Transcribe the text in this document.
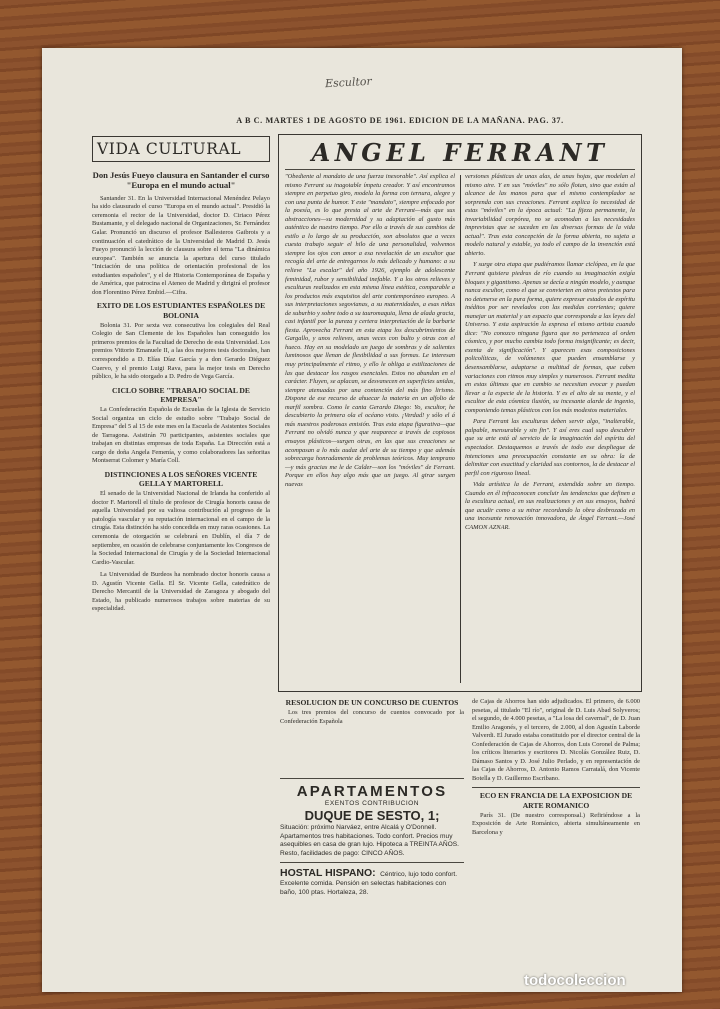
Escultor
A B C. MARTES 1 DE AGOSTO DE 1961. EDICION DE LA MAÑANA. PAG. 37.
VIDA CULTURAL

Don Jesús Fueyo clausura en Santander el curso "Europa en el mundo actual"

Santander 31. En la Universidad Internacional Menéndez Pelayo ha sido clausurado el curso "Europa en el mundo actual". Presidió la ceremonia el rector de la Universidad, doctor D. Ciriaco Pérez Bustamante, y el delegado nacional de Organizaciones, Sr. Fernández Galar. Pronunció un discurso el profesor Ballesteros Gaibrois y a continuación el catedrático de la Universidad de Madrid D. Jesús Fueyo pronunció la lección de clausura sobre el tema "La dinámica europea". También se anuncia la apertura del curso titulado "Iniciación de una política de orientación profesional de los estudiantes españoles", y el de Historia Contemporánea de España y de América, que patrocina el Ateneo de Madrid y dirigirá el profesor don Florentino Pérez Embid.—Cifra.

EXITO DE LOS ESTUDIANTES ESPAÑOLES DE BOLONIA

Bolonia 31. Por sexta vez consecutiva los colegiales del Real Colegio de San Clemente de los Españoles han conseguido los primeros premios de la Facultad de Derecho de esta Universidad. Los premios Vittorio Emanuele II, a las dos mejores tesis doctorales, han correspondido a D. Elías Díaz García y a don Gerardo Diéguez Cuervo, y el premio Luigi Rava, para la mejor tesis en Derecho público, le ha sido otorgado a D. Pedro de Vega García.

CICLO SOBRE "TRABAJO SOCIAL DE EMPRESA"

La Confederación Española de Escuelas de la Iglesia de Servicio Social organiza un ciclo de estudio sobre "Trabajo Social de Empresa" del 5 al 15 de este mes en la Escuela de Asistentes Sociales de Tarragona. Asistirán 70 participantes, asistentes sociales que trabajan en distintas empresas de toda España. La Dirección está a cargo de doña Angela Femenía, y como colaboradores las señoritas Montserrat Colomer y María Coll.

DISTINCIONES A LOS SEÑORES VICENTE GELLA Y MARTORELL

El senado de la Universidad Nacional de Irlanda ha conferido al doctor F. Martorell el título de profesor de Cirugía honoris causa de aquella Universidad por su valiosa contribución al progreso de la patología vascular y su reputación internacional en el campo de la cirugía. Esta distinción ha sido concedida en muy raras ocasiones. La ceremonia de otorgación se celebrará en Dublín, el día 7 de septiembre, en ocasión de celebrarse conjuntamente los Congresos de la Sociedad Internacional de Cirugía y de la Sociedad Internacional Cardio-Vascular.

La Universidad de Burdeos ha nombrado doctor honoris causa a D. Agustín Vicente Gella. El Sr. Vicente Gella, catedrático de Derecho Mercantil de la Universidad de Zaragoza y abogado del Estado, ha publicado numerosos trabajos sobre materias de su especialidad.

ANGEL FERRANT

"Obediente al mandato de una fuerza inexorable". Así explica el mismo Ferrant su inagotable ímpetu creador. Y así encontramos siempre en perpetuo giro, modela la forma con ternura, alegre y con una punta de humor. Y este "mandato", siempre enfocado por la poesía, es lo que presta al arte de Ferrant—más que sus abstracciones—su modernidad y su adaptación al gusto más auténtico de nuestro tiempo. Por ello a través de sus cambios de estilo a lo largo de su producción, son absolutos que a veces cuesta trabajo seguir el hilo de una personalidad, volvemos siempre los ojos con amor a esa revelación de un escultor que recogía del arte de entregarnos lo más delicado y humano: a su relieve "La escalar" del año 1926, ejemplo de adolescente feminidad, rubor y sensibilidad inefable. Y a los otros relieves y esculturas realizados en esta misma línea estética, comparable a los productos más exquisitos del arte contemporáneo europeo. A sus interpretaciones segovianas, a su maternidades, a esas niñas de suburbio y sobre todo a su tauromaquia, llena de alada gracia, casi infantil por la pureza y certera interpretación de la barbarie fiesta. Aprovecha Ferrant en esta etapa los descubrimientos de Gargallo, y unos relieves, unas veces con bulto y otras con el hueco. Hay en su modelado un juego de sombras y de salientes luminosos que llenan de flexibilidad a sus formas. Le interesan muy principalmente el ritmo, y ello le obliga a estilizaciones de las que destacar los rasgos esenciales. Estos no abundan en el carácter. Fluyen, se aplacan, se desvanecen en superficies unidas, siempre atenuadas por una contención del más fino lirismo. Dispone de ese recurso de ahuecar la materia en un alfolio de marfil sombra. Como le canta Gerardo Diego: Yo, escultor, he descubierto la primera ola el océano visto. ¡Verdad! y sólo el á más nuestros poderosas emisión. Tras esta etapa figurativa—que Ferrant no olvidó nunca y que reaparece a través de copiosos ensayos plásticos—surgen otras, en las que sus creaciones se acompasan a lo más audaz del arte de su tiempo y que además sobrecarga honradamente de problemas teóricos. Muy temprano—y más gracias me le de Calder—son los "móviles" de Ferrant. Porque en ellos hay algo más que un juego. Al girar surgen nuevas

versiones plásticas de unas alas, de unas hojas, que modelan el mismo aire. Y en sus "móviles" no sólo flotan, sino que están al alcance de las manos para que el mismo contemplador se sorprenda con sus creaciones. Ferrant explica lo necesidad de estas "móviles" en la época actual: "La fijeza permanente, la invariabilidad corpórea, no se acomodan a las necesidades imprevistas que se suceden en las diversas formas de la vida actual". Tras esta concepción de la forma abierta, no sujeta a modelo natural y estable, ya todo el campo de la invención está abierto.

Y surge otra etapa que pudiéramos llamar ciclópea, en la que Ferrant quisiera piedras de río cuando su imaginación exigía bloques y gigantismo. Apenas se decía a ningún modelo, y aunque nunca escultor, como el que se convierten en otros pretextos para no detenerse en la pura forma, quiere expresar estados de espíritu inéditos por ser revelados con las medidas corrientes; quiere manejar un material y un espacio que corresponda a las leyes del Universo. Y esta aspiración la expresa el mismo artista cuando dice: "No conozco ninguna figura que no pertenezca al orden cósmico, y por mucho cambia todo forma insignificante; es decir, exenta de significación". Y aparecen esas composiciones policolíticas, de volúmenes que pueden ensamblarse y desensamblarse, adaptarse a multitud de formas, que caben variaciones con ritmos muy simples y numerosos. Ferrant medita en estas últimas que en cambio se necesitan evocar y puedan llevar a la especie de la historia. Y es el alto de su mente, y el escultor de esta cósmica ilusión, su incesante alarde de ingenio, componiendo temas plásticos con los más modestos materiales.

Para Ferrant las esculturas deben servir algo, "inalterable, palpable, mensurable y sin fin". Y así eres cual supo descubrir que su arte está al servicio de la imaginación del espíritu del espectador. Destaquemos a través de todo ese despliegue de intenciones una preocupación constante en su obra: la de delimitar con exactitud y claridad sus contornos, la de destacar el perfil con riguroso lineal.

Vida artística la de Ferrant, extendida sobre un tiempo. Cuando en él infraconocen concluir las tendencias que definen a la escultura actual, en sus realizaciones y en sus ensayos, habrá que acudir como a su mirar recordando la obra desbrozada en una incesante renovación innovadora, de Ángel Ferrant.—José CAMON AZNAR.

RESOLUCION DE UN CONCURSO DE CUENTOS

Los tres premios del concurso de cuentos convocado por la Confederación Española

APARTAMENTOS
EXENTOS CONTRIBUCION
DUQUE DE SESTO, 1;

Situación: próximo Narváez, entre Alcalá y O'Donnell. Apartamentos tres habitaciones. Todo confort. Precios muy asequibles en casa de gran lujo. Hipoteca a TREINTA AÑOS. Resto, facilidades de pago: CINCO AÑOS.

HOSTAL HISPANO: Céntrico, lujo todo confort.

Excelente comida. Pensión en selectas habitaciones con baño, 100 ptas. Hortaleza, 28.

de Cajas de Ahorros han sido adjudicados. El primero, de 6.000 pesetas, al titulado "El río", original de D. Luis Abad Solyveros; el segundo, de 4.000 pesetas, a "La losa del cavernal", de D. Juan Emilio Aragonés, y el tercero, de 2.000, al don Agustín Laborde Valverdi. El Jurado estaba constituido por el director central de la Confederación de Cajas de Ahorros, don Luis Coronel de Palma; los críticos literarios y escritores D. Nicolás González Ruiz, D. Dámaso Santos y D. José Julio Perlado, y en representación de las Cajas de Ahorros, D. Antonio Ramos Carratalá, don Vicente Botella y D. Guillermo Escribano.

ECO EN FRANCIA DE LA EXPOSICION DE ARTE ROMANICO

París 31. (De nuestro corresponsal.) Refiriéndose a la Exposición de Arte Románico, abierta simultáneamente en Barcelona y

todocoleccion
